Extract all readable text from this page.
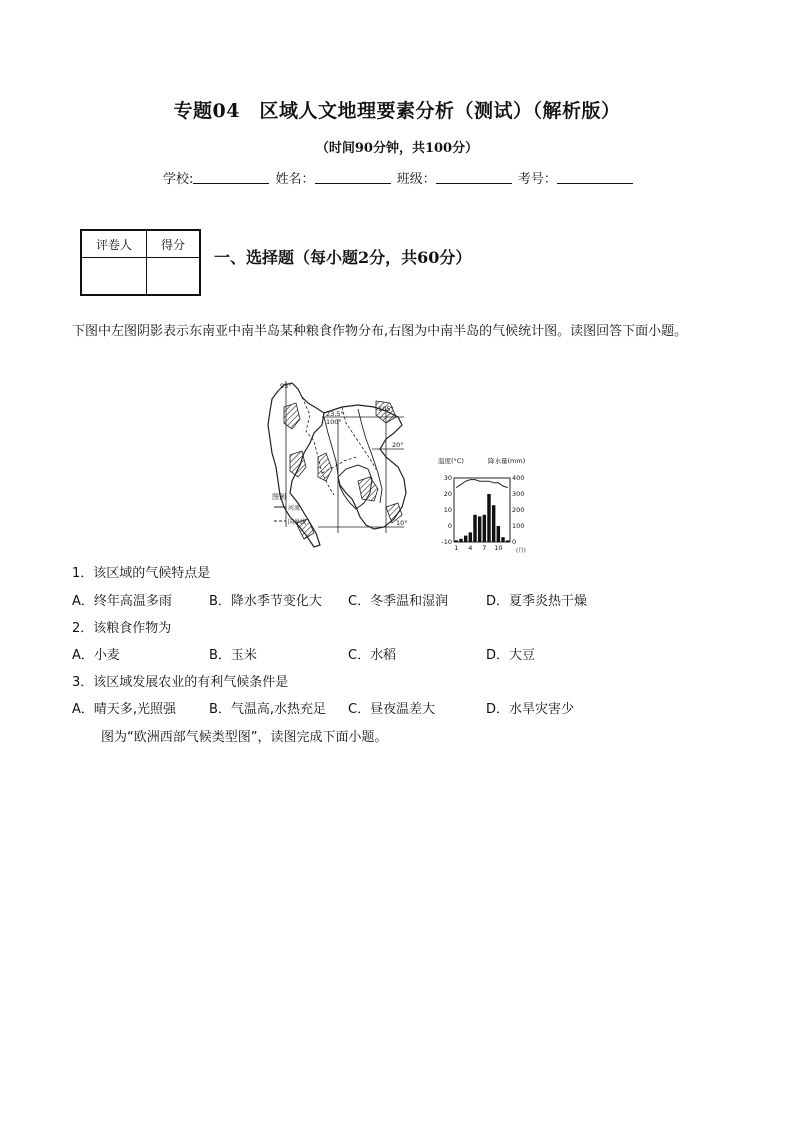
专题04　区域人文地理要素分析（测试）（解析版）
（时间90分钟，共100分）
学校:	姓名：	班级：	考号：
评卷人	得分

一、选择题（每小题2分，共60分）
下图中左图阴影表示东南亚中南半岛某种粮食作物分布,右图为中南半岛的气候统计图。读图回答下面小题。
95°
23.5°
100°
105°
20°
10°
图例
河流
国界线
温度(°C)	降水量(mm)
30
20
10
0
-10
400
300
200
100
0
1 4 7 10 (月)
1．该区域的气候特点是
A．终年高温多雨	B．降水季节变化大 C．冬季温和湿润	D．夏季炎热干燥
2．该粮食作物为
A．小麦	B．玉米	C．水稻	D．大豆
3．该区域发展农业的有利气候条件是
A．晴天多,光照强	B．气温高,水热充足 C．昼夜温差大	D．水旱灾害少
图为“欧洲西部气候类型图”，读图完成下面小题。
